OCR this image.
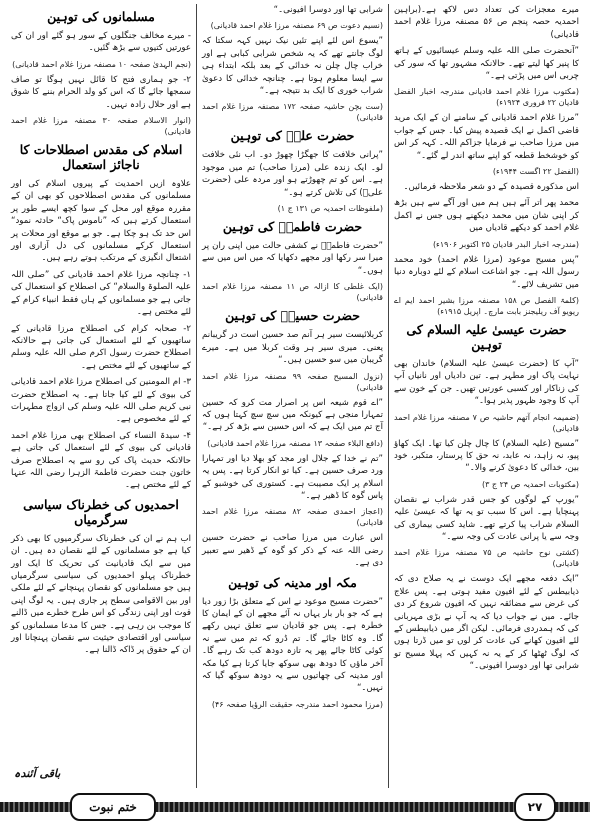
میرے معجزات کی تعداد دس لاکھ ہے۔(براہین احمدیہ حصہ پنجم ص ۵۶ مصنفہ مرزا غلام احمد قادیانی)
”آنحضرت صلی اللہ علیہ وسلم عیسائیوں کے ہاتھ کا پنیر کھا لیتے تھے۔ حالانکہ مشہور تھا کہ سور کی چربی اس میں پڑتی ہے۔“
(مکتوب مرزا غلام احمد قادیانی مندرجہ اخبار الفضل قادیان ۲۲ فروری ۱۹۲۴ء)
”مرزا غلام احمد قادیانی کے سامنے ان کے ایک مرید قاضی اکمل نے ایک قصیدہ پیش کیا۔ جس کے جواب میں مرزا صاحب نے فرمایا جزاکم اللہ۔ کہہ کر اس کو خوشخط قطعہ کو اپنے ساتھ اندر لے گئے۔“
(الفضل ۲۲ اگست ۱۹۴۴ء)
اس مذکورہ قصیدہ کے دو شعر ملاحظہ فرمائیں۔
محمد پھر اتر آئے ہیں ہم میں اور آگے سے ہیں بڑھ کر اپنی شان میں محمد دیکھنے ہوں جس نے اکمل غلام احمد کو دیکھے قادیاں میں
(مندرجہ اخبار البدر قادیان ۲۵ اکتوبر ۱۹۰۶ء)
”پس مسیح موعود (مرزا غلام احمد) خود محمد رسول اللہ ہے۔ جو اشاعت اسلام کے لئے دوبارہ دنیا میں تشریف لائے۔“
(کلمۃ الفصل ص ۱۵۸ مصنفہ مرزا بشیر احمد ایم اے ریویو آف ریلیجنز بابت مارچ۔ اپریل ۱۹۱۵ء)
حضرت عیسیٰ علیہ السلام کی توہین
”آپ کا (حضرت عیسیٰ علیہ السلام) خاندان بھی نہایت پاک اور مطہر ہے۔ تین دادیاں اور نانیاں آپ کی زناکار اور کسبی عورتیں تھیں۔ جن کے خون سے آپ کا وجود ظہور پذیر ہوا۔“
(ضمیمہ انجام آتھم حاشیہ ص ۷ مصنفہ مرزا غلام احمد قادیانی)
”مسیح (علیہ السلام) کا چال چلن کیا تھا۔ ایک کھاؤ پیو، نہ زاہد، نہ عابد، نہ حق کا پرستار، متکبر، خود بین، خدائی کا دعویٰ کرنے والا۔“
(مکتوبات احمدیہ ص ۲۴ ج ۳)
”یورپ کے لوگوں کو جس قدر شراب نے نقصان پہنچایا ہے۔ اس کا سبب تو یہ تھا کہ عیسیٰ علیہ السلام شراب پیا کرتے تھے۔ شاید کسی بیماری کی وجہ سے یا پرانی عادت کی وجہ سے۔“
(کشتی نوح حاشیہ ص ۷۵ مصنفہ مرزا غلام احمد قادیانی)
”ایک دفعہ مجھے ایک دوست نے یہ صلاح دی کہ ذیابیطس کے لئے افیون مفید ہوتی ہے۔ پس علاج کی غرض سے مضائقہ نہیں کہ افیون شروع کر دی جائے۔ میں نے جواب دیا کہ یہ آپ نے بڑی مہربانی کی کہ ہمدردی فرمائی۔ لیکن اگر میں ذیابیطس کے لئے افیون کھانے کی عادت کر لوں تو میں ڈرتا ہوں کہ لوگ ٹھٹھا کر کے یہ نہ کہیں کہ پہلا مسیح تو شرابی تھا اور دوسرا افیونی۔“
شرابی تھا اور دوسرا افیونی۔“
(نسیم دعوت ص ۶۹ مصنفہ مرزا غلام احمد قادیانی)
”یسوع اس لئے اپنے تئیں نیک نہیں کہہ سکتا کہ لوگ جانتے تھے کہ یہ شخص شرابی کبابی ہے اور خراب چال چلن نہ خدائی کے بعد بلکہ ابتداء ہی سے ایسا معلوم ہوتا ہے۔ چنانچہ خدائی کا دعویٰ شراب خوری کا ایک بد نتیجہ ہے۔“
(ست بچن حاشیہ صفحہ ۱۷۲ مصنفہ مرزا غلام احمد قادیانی)
حضرت علیؓ کی توہین
”پرانی خلافت کا جھگڑا چھوڑ دو۔ اب نئی خلافت لو۔ ایک زندہ علی (مرزا صاحب) تم میں موجود ہے۔ اس کو تم چھوڑتے ہو اور مردہ علی (حضرت علیؓ) کی تلاش کرتے ہو۔“
(ملفوظات احمدیہ ص ۱۳۱ ج ۱)
حضرت فاطمہؓ کی توہین
”حضرت فاطمہؓ نے کشفی حالت میں اپنی ران پر میرا سر رکھا اور مجھے دکھایا کہ میں اس میں سے ہوں۔“
(ایک غلطی کا ازالہ ص ۱۱ مصنفہ مرزا غلام احمد قادیانی)
حضرت حسینؓ کی توہین
کربلائیست سیر ہر آنم صد حسین است در گریبانم یعنی۔ میری سیر ہر وقت کربلا میں ہے۔ میرے گریبان میں سو حسین ہیں۔“
(نزول المسیح صفحہ ۹۹ مصنفہ مرزا غلام احمد قادیانی)
”اے قوم شیعہ اس پر اصرار مت کرو کہ حسین تمہارا منجی ہے کیونکہ میں سچ سچ کہتا ہوں کہ آج تم میں ایک ہے کہ اس حسین سے بڑھ کر ہے۔“
(دافع البلاء صفحہ ۱۳ مصنفہ مرزا غلام احمد قادیانی)
”تم نے خدا کے جلال اور مجد کو بھلا دیا اور تمہارا ورد صرف حسین ہے۔ کیا تو انکار کرتا ہے۔ پس یہ اسلام پر ایک مصیبت ہے۔ کستوری کی خوشبو کے پاس گوہ کا ڈھیر ہے۔“
(اعجاز احمدی صفحہ ۸۲ مصنفہ مرزا غلام احمد قادیانی)
اس عبارت میں مرزا صاحب نے حضرت حسین رضی اللہ عنہ کے ذکر کو گوہ کے ڈھیر سے تعبیر دی ہے۔
مکہ اور مدینہ کی توہین
”حضرت مسیح موعود نے اس کے متعلق بڑا زور دیا ہے کہ جو بار بار یہاں نہ آئے مجھے ان کے ایمان کا خطرہ ہے۔ پس جو قادیان سے تعلق نہیں رکھے گا۔ وہ کاٹا جائے گا۔ تم ڈرو کہ تم میں سے نہ کوئی کاٹا جائے پھر یہ تازہ دودھ کب تک رہے گا۔ آخر ماؤں کا دودھ بھی سوکھ جایا کرتا ہے کیا مکہ اور مدینہ کی چھاتیوں سے یہ دودھ سوکھ گیا کہ نہیں۔“
(مرزا محمود احمد مندرجہ حقیقت الرؤیا صفحہ ۴۶)
مسلمانوں کی توہین
- میرے مخالف جنگلوں کے سور ہو گئے اور ان کی عورتیں کتیوں سے بڑھ گئیں۔
(نجم الہدیٰ صفحہ ۱۰ مصنفہ مرزا غلام احمد قادیانی)
۲- جو ہماری فتح کا قائل نہیں ہوگا تو صاف سمجھا جائے گا کہ اس کو ولد الحرام بننے کا شوق ہے اور حلال زادہ نہیں۔
(انوار الاسلام صفحہ ۳۰ مصنفہ مرزا غلام احمد قادیانی)
اسلام کی مقدس اصطلاحات کا ناجائز استعمال
علاوہ ازیں احمدیت کے پیروں اسلام کی اور مسلمانوں کی مقدس اصطلاحوں کو بھی ان کے مقررہ موقع اور محل کے سوا کچھ ایسے طور پر استعمال کرتے ہیں کہ ”ناموس پاک“ حادثہ نمود“ اس حد تک ہو چکا ہے۔ جو بے موقع اور محلات پر استعمال کرکے مسلمانوں کی دل آزاری اور اشتعال انگیزی کے مرتکب ہوتے رہے ہیں۔
۱- چنانچہ مرزا غلام احمد قادیانی کی ”صلی اللہ علیہ الصلوۃ والسلام“ کی اصطلاح کو استعمال کی جاتی ہے جو مسلمانوں کے ہاں فقط انبیاء کرام کے لئے مختص ہے۔
۲- صحابہ کرام کی اصطلاح مرزا قادیانی کے ساتھیوں کے لئے استعمال کی جاتی ہے حالانکہ اصطلاح حضرت رسول اکرم صلی اللہ علیہ وسلم کے ساتھیوں کے لئے مختص ہے۔
۳- ام المومنین کی اصطلاح مرزا غلام احمد قادیانی کی بیوی کے لئے کیا جاتا ہے۔ یہ اصطلاح حضرت نبی کریم صلی اللہ علیہ وسلم کی ازواج مطہرات کے لئے مخصوص ہے۔
۴- سیدۃ النساء کی اصطلاح بھی مرزا غلام احمد قادیانی کی بیوی کے لئے استعمال کی جاتی ہے حالانکہ حدیث پاک کی رو سے یہ اصطلاح صرف خاتون جنت حضرت فاطمۃ الزہرا رضی اللہ عنہا کے لئے مختص ہے۔
احمدیوں کی خطرناک سیاسی سرگرمیاں
اب ہم نے ان کی خطرناک سرگرمیوں کا بھی ذکر کیا ہے جو مسلمانوں کے لئے نقصان دہ ہیں۔ ان میں سے ایک قادیانیت کی تحریک کا ایک اور خطرناک پہلو احمدیوں کی سیاسی سرگرمیاں ہیں جو مسلمانوں کو نقصان پہنچانے کے لئے ملکی اور بین الاقوامی سطح پر جاری ہیں۔ یہ لوگ اپنی قوت اور اپنی زندگی کو اس طرح خطرے میں ڈالنے کا موجب بن رہی ہے۔ جس کا مدعا مسلمانوں کو سیاسی اور اقتصادی حیثیت سے نقصان پہنچانا اور ان کے حقوق پر ڈاکہ ڈالنا ہے۔
باقی آئندہ
ختم نبوت	۲۷
